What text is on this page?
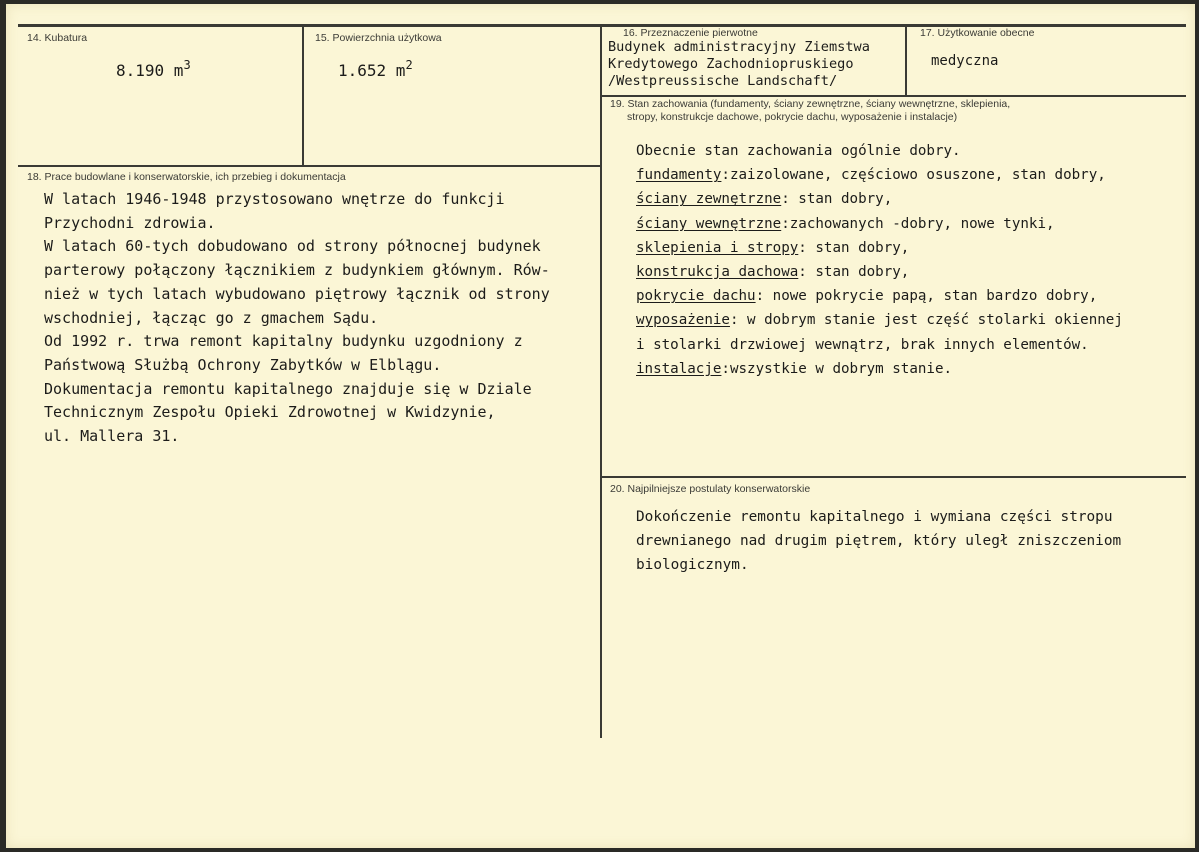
14. Kubatura
8.190 $m^3$
15. Powierzchnia użytkowa
1.652 $m^2$
16. Przeznaczenie pierwotne
Budynek administracyjny Ziemstwa
Kredytowego Zachodniopruskiego
/Westpreussische Landschaft/
17. Użytkowanie obecne
medyczna
18. Prace budowlane i konserwatorskie, ich przebieg i dokumentacja
W latach 1946-1948 przystosowano wnętrze do funkcji
Przychodni zdrowia.
W latach 60-tych dobudowano od strony północnej budynek
parterowy połączony łącznikiem z budynkiem głównym. Rów-
nież w tych latach wybudowano piętrowy łącznik od strony
wschodniej, łącząc go z gmachem Sądu.
Od 1992 r. trwa remont kapitalny budynku uzgodniony z
Państwową Służbą Ochrony Zabytków w Elblągu.
Dokumentacja remontu kapitalnego znajduje się w Dziale
Technicznym Zespołu Opieki Zdrowotnej w Kwidzynie,
ul. Mallera 31.
19. Stan zachowania (fundamenty, ściany zewnętrzne, ściany wewnętrzne, sklepienia,
stropy, konstrukcje dachowe, pokrycie dachu, wyposażenie i instalacje)
Obecnie stan zachowania ogólnie dobry.
fundamenty:zaizolowane, częściowo osuszone, stan dobry,
ściany zewnętrzne: stan dobry,
ściany wewnętrzne:zachowanych -dobry, nowe tynki,
sklepienia i stropy: stan dobry,
konstrukcja dachowa: stan dobry,
pokrycie dachu: nowe pokrycie papą, stan bardzo dobry,
wyposażenie: w dobrym stanie jest część stolarki okiennej
i stolarki drzwiowej wewnątrz, brak innych elementów.
instalacje:wszystkie w dobrym stanie.
20. Najpilniejsze postulaty konserwatorskie
Dokończenie remontu kapitalnego i wymiana części stropu
drewnianego nad drugim piętrem, który uległ zniszczeniom
biologicznym.
